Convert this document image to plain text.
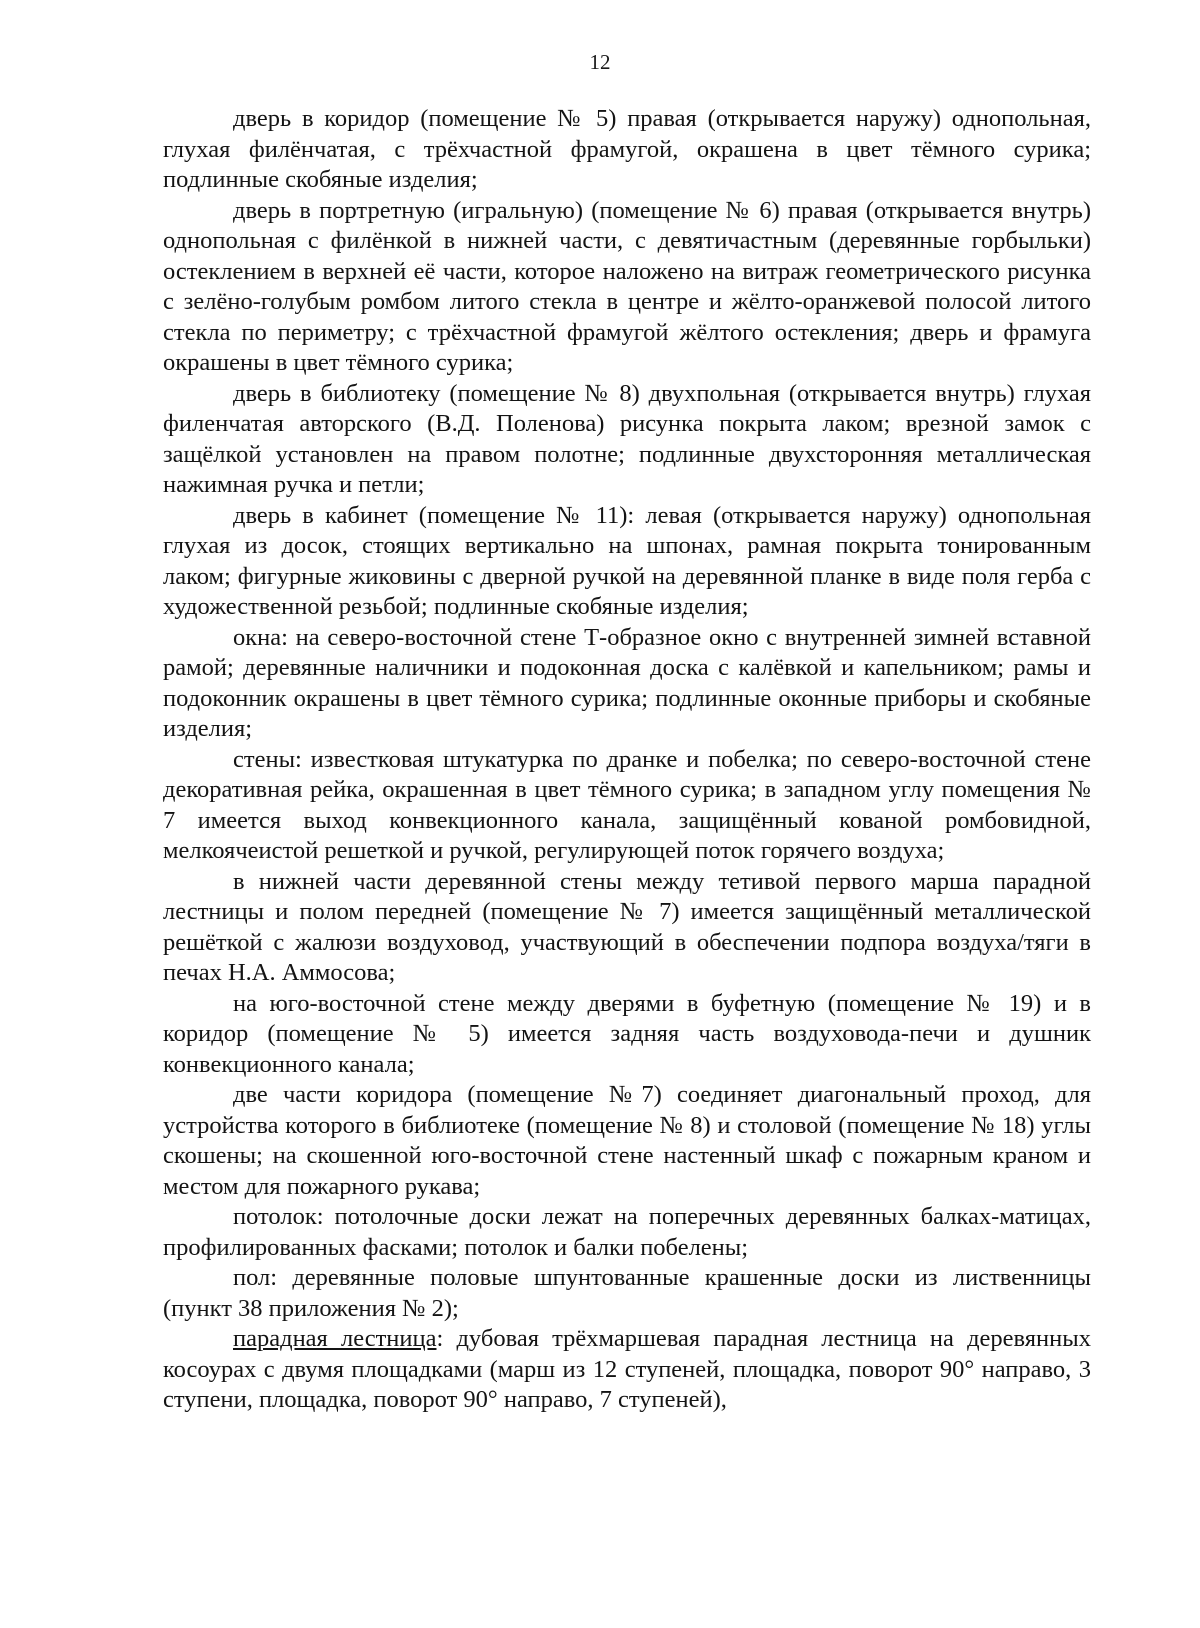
12

дверь в коридор (помещение № 5) правая (открывается наружу) однопольная, глухая филёнчатая, с трёхчастной фрамугой, окрашена в цвет тёмного сурика; подлинные скобяные изделия;

дверь в портретную (игральную) (помещение № 6) правая (открывается внутрь) однопольная с филёнкой в нижней части, с девятичастным (деревянные горбыльки) остеклением в верхней её части, которое наложено на витраж геометрического рисунка с зелёно-голубым ромбом литого стекла в центре и жёлто-оранжевой полосой литого стекла по периметру; с трёхчастной фрамугой жёлтого остекления; дверь и фрамуга окрашены в цвет тёмного сурика;

дверь в библиотеку (помещение № 8) двухпольная (открывается внутрь) глухая филенчатая авторского (В.Д. Поленова) рисунка покрыта лаком; врезной замок с защёлкой установлен на правом полотне; подлинные двухсторонняя металлическая нажимная ручка и петли;

дверь в кабинет (помещение № 11): левая (открывается наружу) однопольная глухая из досок, стоящих вертикально на шпонах, рамная покрыта тонированным лаком; фигурные жиковины с дверной ручкой на деревянной планке в виде поля герба с художественной резьбой; подлинные скобяные изделия;

окна: на северо-восточной стене Т-образное окно с внутренней зимней вставной рамой; деревянные наличники и подоконная доска с калёвкой и капельником; рамы и подоконник окрашены в цвет тёмного сурика; подлинные оконные приборы и скобяные изделия;

стены: известковая штукатурка по дранке и побелка; по северо-восточной стене декоративная рейка, окрашенная в цвет тёмного сурика; в западном углу помещения № 7 имеется выход конвекционного канала, защищённый кованой ромбовидной, мелкоячеистой решеткой и ручкой, регулирующей поток горячего воздуха;

в нижней части деревянной стены между тетивой первого марша парадной лестницы и полом передней (помещение № 7) имеется защищённый металлической решёткой с жалюзи воздуховод, участвующий в обеспечении подпора воздуха/тяги в печах Н.А. Аммосова;

на юго-восточной стене между дверями в буфетную (помещение № 19) и в коридор (помещение № 5) имеется задняя часть воздуховода-печи и душник конвекционного канала;

две части коридора (помещение №7) соединяет диагональный проход, для устройства которого в библиотеке (помещение № 8) и столовой (помещение № 18) углы скошены; на скошенной юго-восточной стене настенный шкаф с пожарным краном и местом для пожарного рукава;

потолок: потолочные доски лежат на поперечных деревянных балках-матицах, профилированных фасками; потолок и балки побелены;

пол: деревянные половые шпунтованные крашенные доски из лиственницы (пункт 38 приложения № 2);

парадная лестница: дубовая трёхмаршевая парадная лестница на деревянных косоурах с двумя площадками (марш из 12 ступеней, площадка, поворот 90° направо, 3 ступени, площадка, поворот 90° направо, 7 ступеней),
